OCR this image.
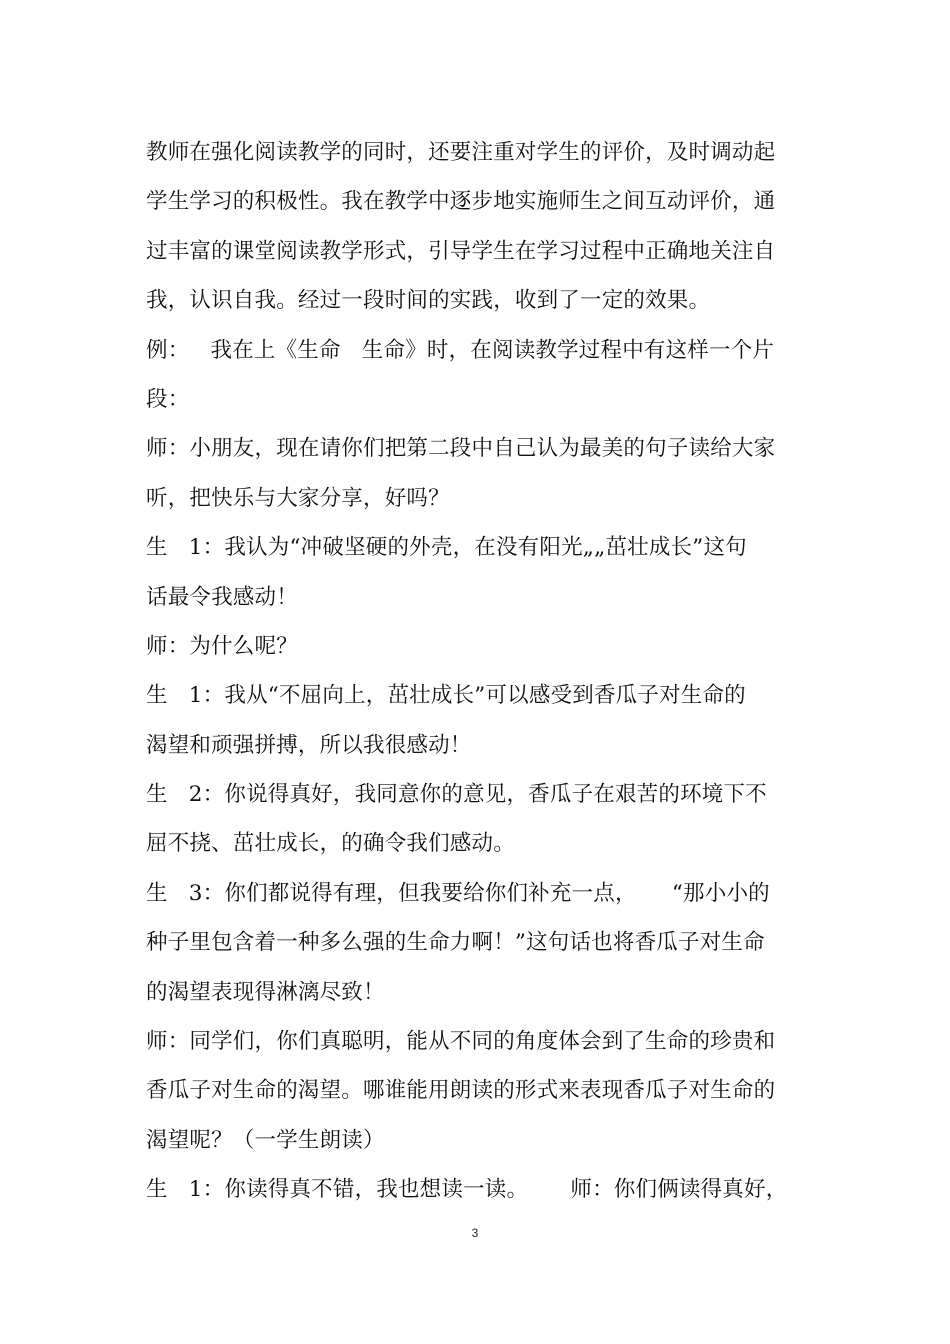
教师在强化阅读教学的同时，还要注重对学生的评价，及时调动起
学生学习的积极性。我在教学中逐步地实施师生之间互动评价，通
过丰富的课堂阅读教学形式，引导学生在学习过程中正确地关注自
我，认识自我。经过一段时间的实践，收到了一定的效果。
例：   我在上《生命   生命》时，在阅读教学过程中有这样一个片
段：
师：小朋友，现在请你们把第二段中自己认为最美的句子读给大家
听，把快乐与大家分享，好吗？
生   1：我认为“冲破坚硬的外壳，在没有阳光„„茁壮成长”这句
话最令我感动！
师：为什么呢？
生   1：我从“不屈向上，茁壮成长”可以感受到香瓜子对生命的
渴望和顽强拼搏，所以我很感动！
生   2：你说得真好，我同意你的意见，香瓜子在艰苦的环境下不
屈不挠、茁壮成长，的确令我们感动。
生   3：你们都说得有理，但我要给你们补充一点，     “那小小的
种子里包含着一种多么强的生命力啊！”这句话也将香瓜子对生命
的渴望表现得淋漓尽致！
师：同学们，你们真聪明，能从不同的角度体会到了生命的珍贵和
香瓜子对生命的渴望。哪谁能用朗读的形式来表现香瓜子对生命的
渴望呢？（一学生朗读）
生   1：你读得真不错，我也想读一读。      师：你们俩读得真好，
3
